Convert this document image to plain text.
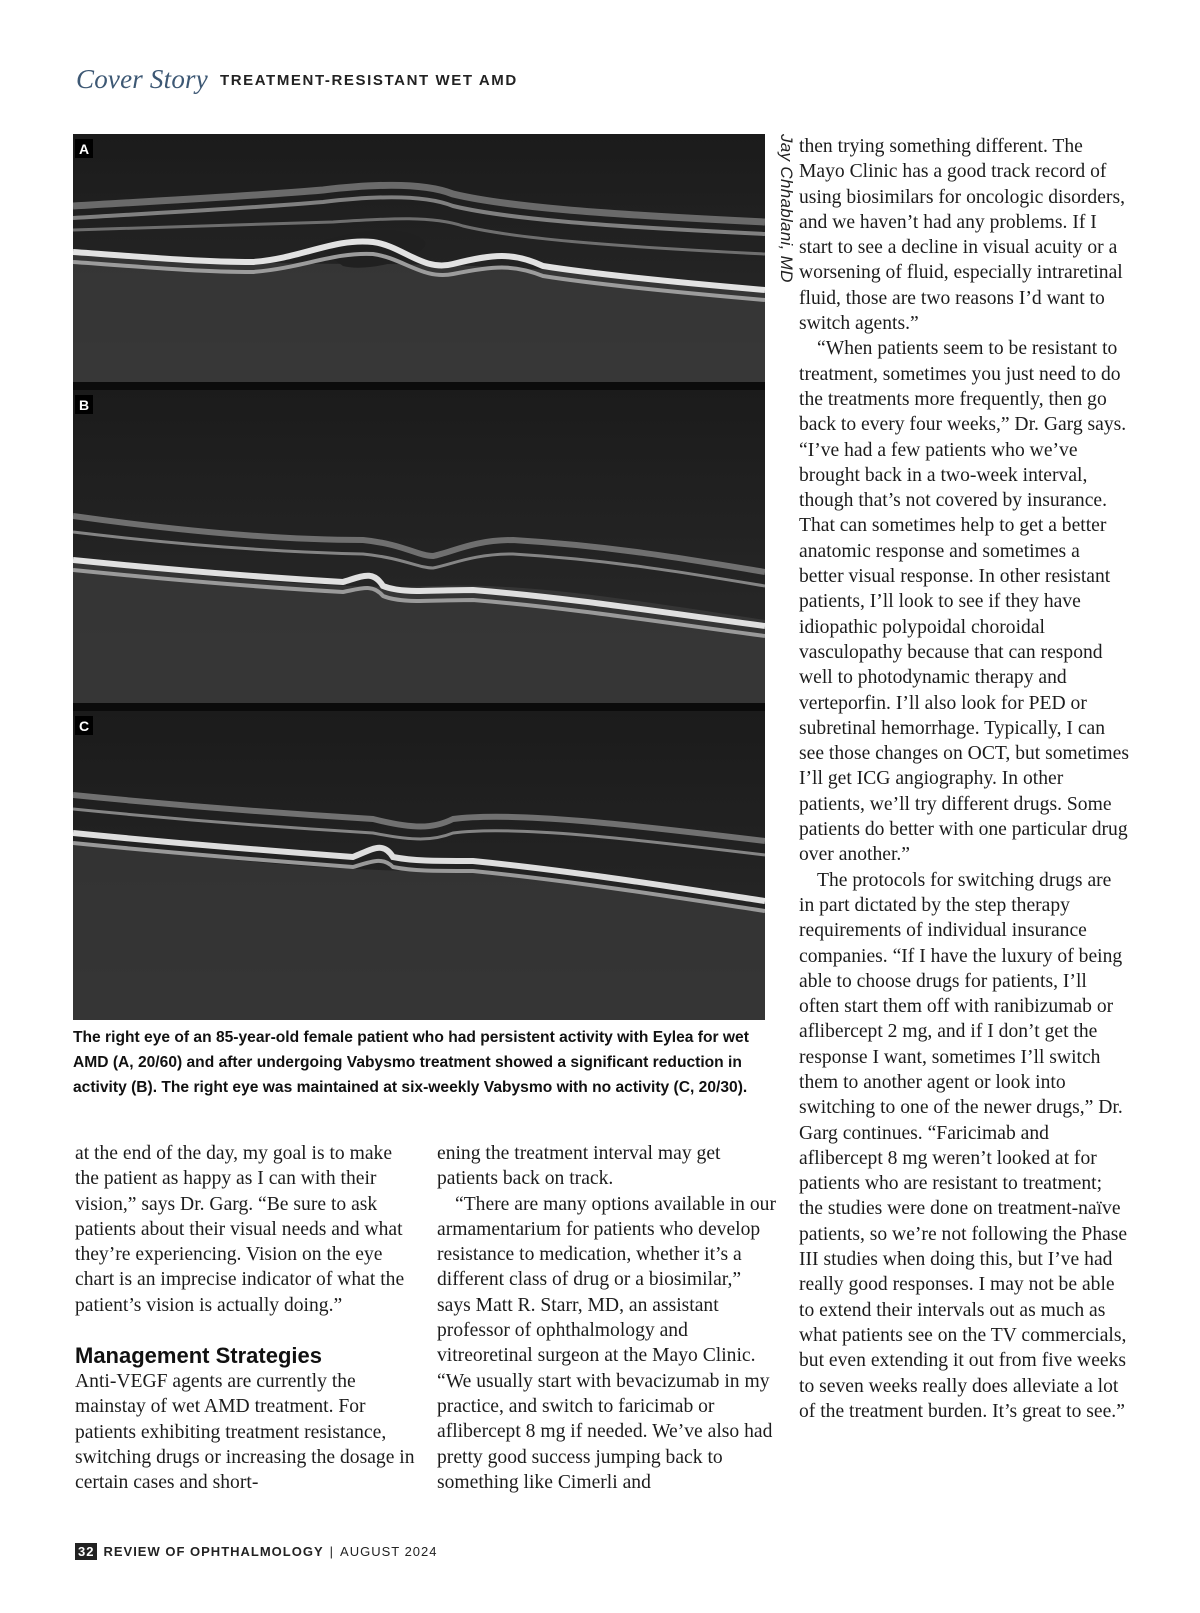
Cover Story TREATMENT-RESISTANT WET AMD
A
B
C
Jay Chhablani, MD
The right eye of an 85-year-old female patient who had persistent activity with Eylea for wet AMD (A, 20/60) and after undergoing Vabysmo treatment showed a significant reduction in activity (B). The right eye was maintained at six-weekly Vabysmo with no activity (C, 20/30).

at the end of the day, my goal is to make the patient as happy as I can with their vision,” says Dr. Garg. “Be sure to ask patients about their visual needs and what they’re experiencing. Vision on the eye chart is an imprecise indicator of what the patient’s vision is actually doing.”

Management Strategies

Anti-VEGF agents are currently the mainstay of wet AMD treatment. For patients exhibiting treatment resistance, switching drugs or increasing the dosage in certain cases and short-

ening the treatment interval may get patients back on track.

“There are many options available in our armamentarium for patients who develop resistance to medication, whether it’s a different class of drug or a biosimilar,” says Matt R. Starr, MD, an assistant professor of ophthalmology and vitreoretinal surgeon at the Mayo Clinic. “We usually start with bevacizumab in my practice, and switch to faricimab or aflibercept 8 mg if needed. We’ve also had pretty good success jumping back to something like Cimerli and

then trying something different. The Mayo Clinic has a good track record of using biosimilars for oncologic disorders, and we haven’t had any problems. If I start to see a decline in visual acuity or a worsening of fluid, especially intraretinal fluid, those are two reasons I’d want to switch agents.”

“When patients seem to be resistant to treatment, sometimes you just need to do the treatments more frequently, then go back to every four weeks,” Dr. Garg says. “I’ve had a few patients who we’ve brought back in a two-week interval, though that’s not covered by insurance. That can sometimes help to get a better anatomic response and sometimes a better visual response. In other resistant patients, I’ll look to see if they have idiopathic polypoidal choroidal vasculopathy because that can respond well to photodynamic therapy and verteporfin. I’ll also look for PED or subretinal hemorrhage. Typically, I can see those changes on OCT, but sometimes I’ll get ICG angiography. In other patients, we’ll try different drugs. Some patients do better with one particular drug over another.”

The protocols for switching drugs are in part dictated by the step therapy requirements of individual insurance companies. “If I have the luxury of being able to choose drugs for patients, I’ll often start them off with ranibizumab or aflibercept 2 mg, and if I don’t get the response I want, sometimes I’ll switch them to another agent or look into switching to one of the newer drugs,” Dr. Garg continues. “Faricimab and aflibercept 8 mg weren’t looked at for patients who are resistant to treatment; the studies were done on treatment-naïve patients, so we’re not following the Phase III studies when doing this, but I’ve had really good responses. I may not be able to extend their intervals out as much as what patients see on the TV commercials, but even extending it out from five weeks to seven weeks really does alleviate a lot of the treatment burden. It’s great to see.”

32 REVIEW OF OPHTHALMOLOGY | AUGUST 2024
